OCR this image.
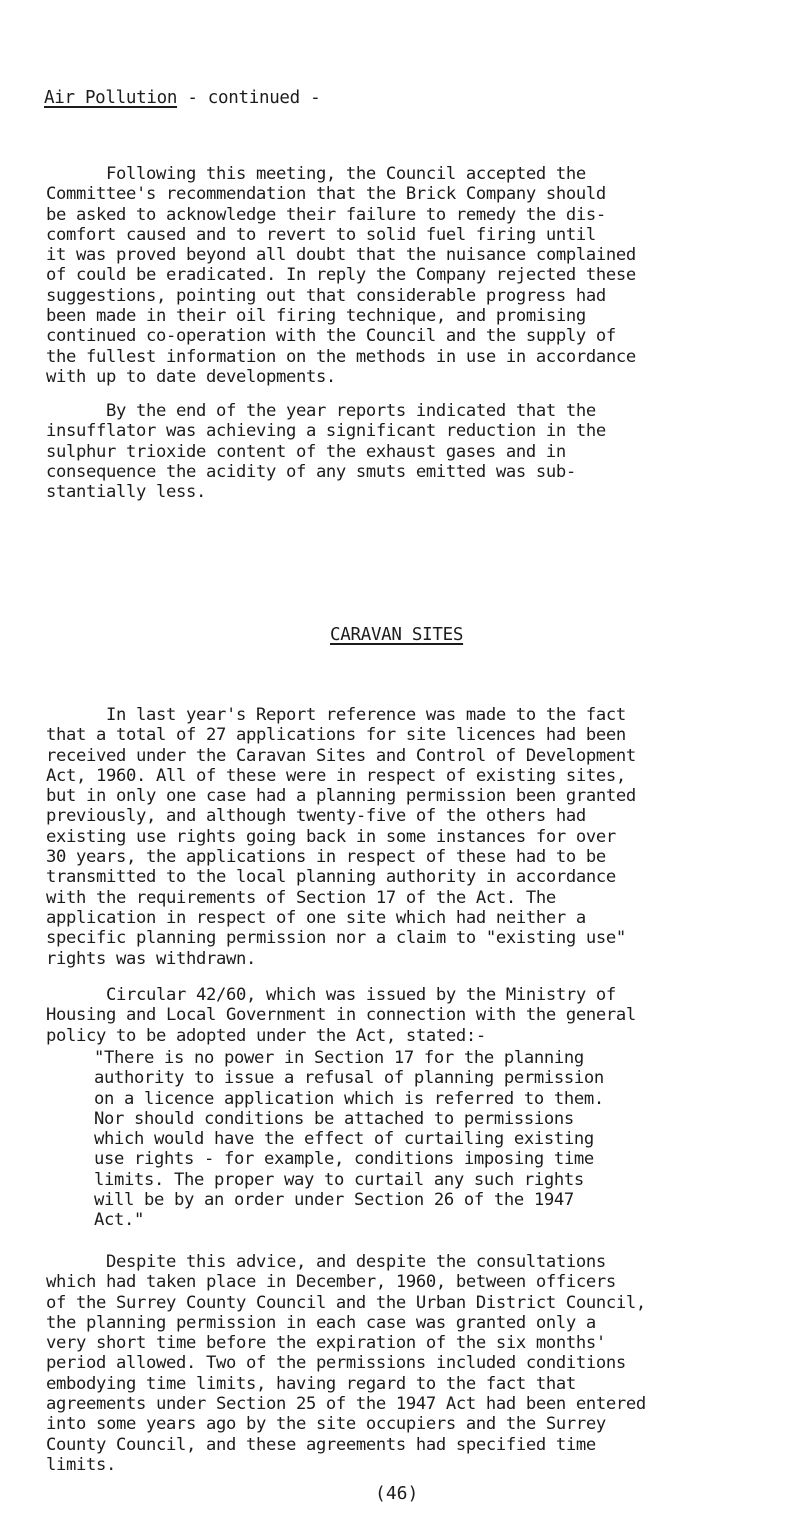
Air Pollution - continued -
Following this meeting, the Council accepted the
Committee's recommendation that the Brick Company should
be asked to acknowledge their failure to remedy the dis-
comfort caused and to revert to solid fuel firing until
it was proved beyond all doubt that the nuisance complained
of could be eradicated. In reply the Company rejected these
suggestions, pointing out that considerable progress had
been made in their oil firing technique, and promising
continued co-operation with the Council and the supply of
the fullest information on the methods in use in accordance
with up to date developments.
By the end of the year reports indicated that the
insufflator was achieving a significant reduction in the
sulphur trioxide content of the exhaust gases and in
consequence the acidity of any smuts emitted was sub-
stantially less.
CARAVAN SITES
In last year's Report reference was made to the fact
that a total of 27 applications for site licences had been
received under the Caravan Sites and Control of Development
Act, 1960. All of these were in respect of existing sites,
but in only one case had a planning permission been granted
previously, and although twenty-five of the others had
existing use rights going back in some instances for over
30 years, the applications in respect of these had to be
transmitted to the local planning authority in accordance
with the requirements of Section 17 of the Act. The
application in respect of one site which had neither a
specific planning permission nor a claim to "existing use"
rights was withdrawn.
Circular 42/60, which was issued by the Ministry of
Housing and Local Government in connection with the general
policy to be adopted under the Act, stated:-
"There is no power in Section 17 for the planning
authority to issue a refusal of planning permission
on a licence application which is referred to them.
Nor should conditions be attached to permissions
which would have the effect of curtailing existing
use rights - for example, conditions imposing time
limits. The proper way to curtail any such rights
will be by an order under Section 26 of the 1947
Act."
Despite this advice, and despite the consultations
which had taken place in December, 1960, between officers
of the Surrey County Council and the Urban District Council,
the planning permission in each case was granted only a
very short time before the expiration of the six months'
period allowed. Two of the permissions included conditions
embodying time limits, having regard to the fact that
agreements under Section 25 of the 1947 Act had been entered
into some years ago by the site occupiers and the Surrey
County Council, and these agreements had specified time
limits.
(46)
